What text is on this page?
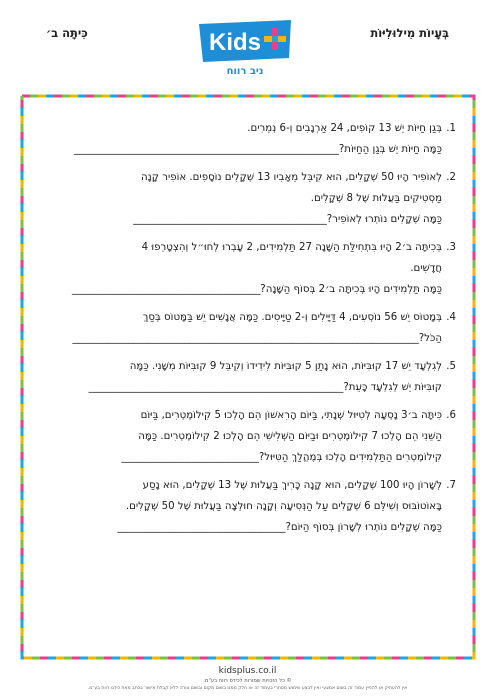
בְּעָיוֹת מִילוּלִיּוֹת
כִּיתָּה ב׳	Kids
ניב רווח
1.

בְּגַן חַיּוֹת יֵשׁ 13 קוֹפִים, 24 אַרְנָבִים וְ-6 נְמֵרִים.

כַּמָּה חַיּוֹת יֵשׁ בְּגַן הַחַיּוֹת?____________________________________________________

2.

לְאוֹפִיר הָיוּ 50 שְׁקָלִים, הוּא קִיבֵּל מֵאָבִיו 13 שְׁקָלִים נוֹסָפִים. אוֹפִיר קָנָה

מַסְטִיקִים בַּעֲלוּת שֶׁל 8 שְׁקָלִים.

כַּמָּה שְׁקָלִים נוֹתְרוּ לְאוֹפִיר?______________________________________

3.

בְּכִיתָּה ב׳2 הָיוּ בִּתְחִילַּת הַשָּׁנָה 27 תַּלְמִידִים, 2 עָבְרוּ לְחוּ״ל וְהִצְטָרְפוּ 4

חֲדָשִׁים.

כַּמָּה תַּלְמִידִים הָיוּ בְּכִיתָּה ב׳2 בְּסוֹף הַשָּׁנָה?_____________________________________

4.

בְּמָטוֹס יֵשׁ 56 נוֹסְעִים, 4 דַּיָּילִים וְ-2 טַיָּיסִים. כַּמָּה אֲנָשִׁים יֵשׁ בַּמָּטוֹס בְּסַךְ

הַכֹּל?____________________________________________________________________

5.

לְגִלְעָד יֵשׁ 17 קוּבִּיּוֹת, הוּא נָתַן 5 קוּבִּיּוֹת לִידִידוֹ וְקִיבֵּל 9 קוּבִּיּוֹת מִשָּׁנִי. כַּמָּה

קוּבִּיּוֹת יֵשׁ לְגִלְעָד כָּעֵת?__________________________________________________

6.

כִּיתָּה ב׳3 נָסְעָה לְטִיּוּל שְׁנָתִי, בַּיּוֹם הָרִאשׁוֹן הֵם הָלְכוּ 5 קִילוֹמֶטְרִים, בַּיּוֹם

הַשֵּׁנִי הֵם הָלְכוּ 7 קִילוֹמֶטְרִים וּבַיּוֹם הַשְּׁלִישִׁי הֵם הָלְכוּ 2 קִילוֹמֶטְרִים. כַּמָּה

קִילוֹמֶטְרִים הַתַּלְמִידִים הָלְכוּ בְּמֶהֱלַךְ הַטִּיּוּל?___________________________

7.

לְשָׁרוֹן הָיוּ 100 שְׁקָלִים, הוּא קָנָה כָּרִיךְ בַּעֲלוּת שֶׁל 13 שְׁקָלִים, הוּא נָסַע

בָּאוֹטוֹבּוּס וְשִׁילֵּם 6 שְׁקָלִים עַל הַנְּסִיעָה וְקָנָה חוּלְצָה בַּעֲלוּת שֶׁל 50 שְׁקָלִים.

כַּמָּה שְׁקָלִים נוֹתְרוּ לְשָׁרוֹן בְּסוֹף הַיּוֹם?_________________________________

kidsplus.co.il
© כל הזכויות שמורות לכידס רווח בע"מ.
אין להעתיק או להפיץ עמוד זה בשום אמצעי ואין לבצע שימוש מסחרי בעמוד זה או חלק ממנו בשום מקום ובשום צורה ללא קבלת אישור בכתב מאת כידס רווח בע"מ.
